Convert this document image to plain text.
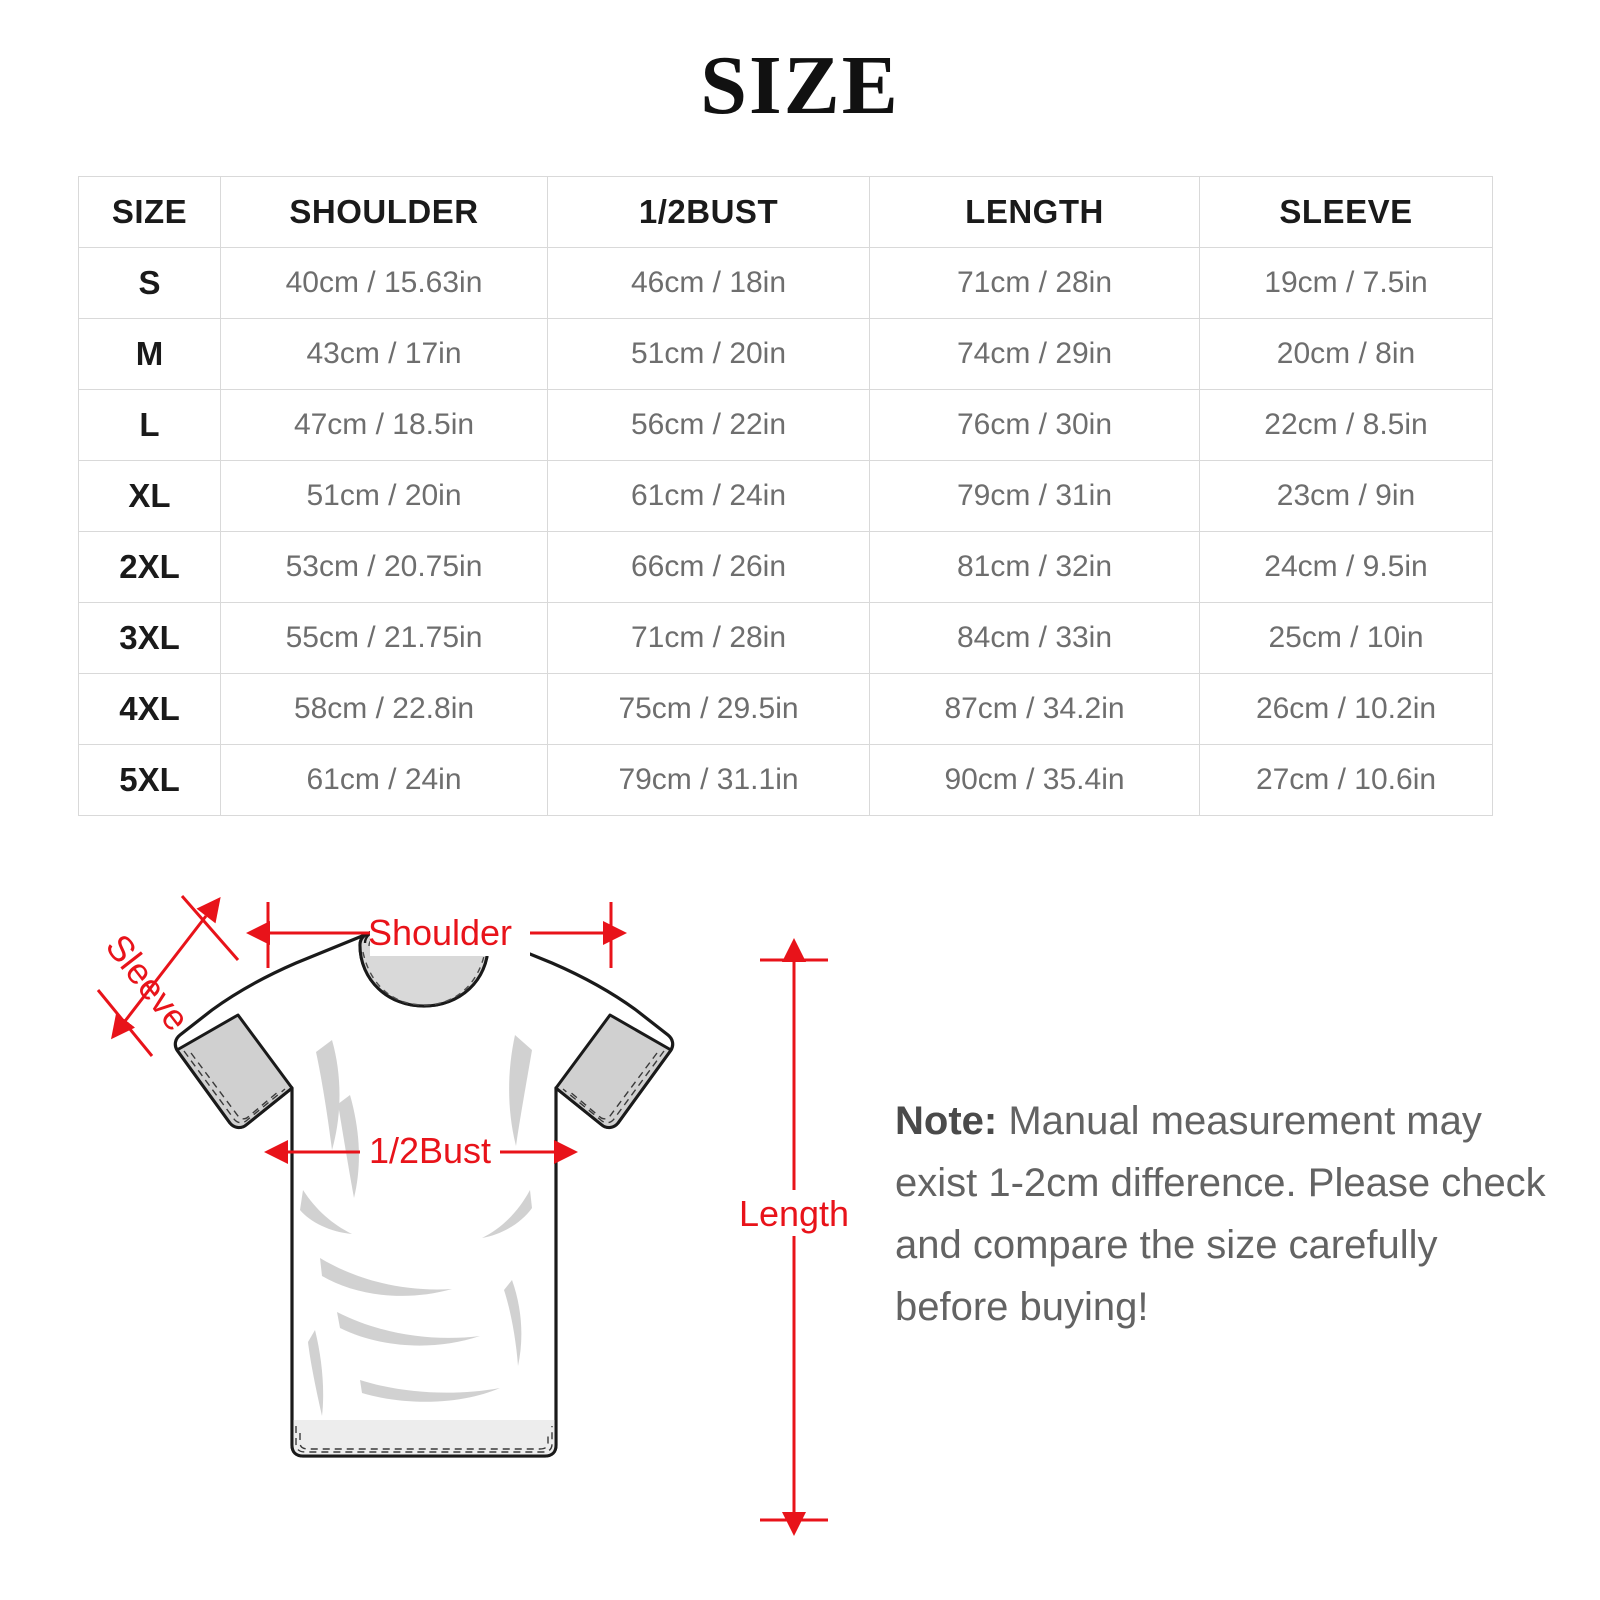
SIZE
SIZE	SHOULDER	1/2BUST	LENGTH	SLEEVE
S	40cm / 15.63in	46cm / 18in	71cm / 28in	19cm / 7.5in
M	43cm / 17in	51cm / 20in	74cm / 29in	20cm / 8in
L	47cm / 18.5in	56cm / 22in	76cm / 30in	22cm / 8.5in
XL	51cm / 20in	61cm / 24in	79cm / 31in	23cm / 9in
2XL	53cm / 20.75in	66cm / 26in	81cm / 32in	24cm / 9.5in
3XL	55cm / 21.75in	71cm / 28in	84cm / 33in	25cm / 10in
4XL	58cm / 22.8in	75cm / 29.5in	87cm / 34.2in	26cm / 10.2in
5XL	61cm / 24in	79cm / 31.1in	90cm / 35.4in	27cm / 10.6in
Shoulder
Sleeve
1/2Bust
Length
Note: Manual measurement may exist 1-2cm difference. Please check and compare the size carefully before buying!
